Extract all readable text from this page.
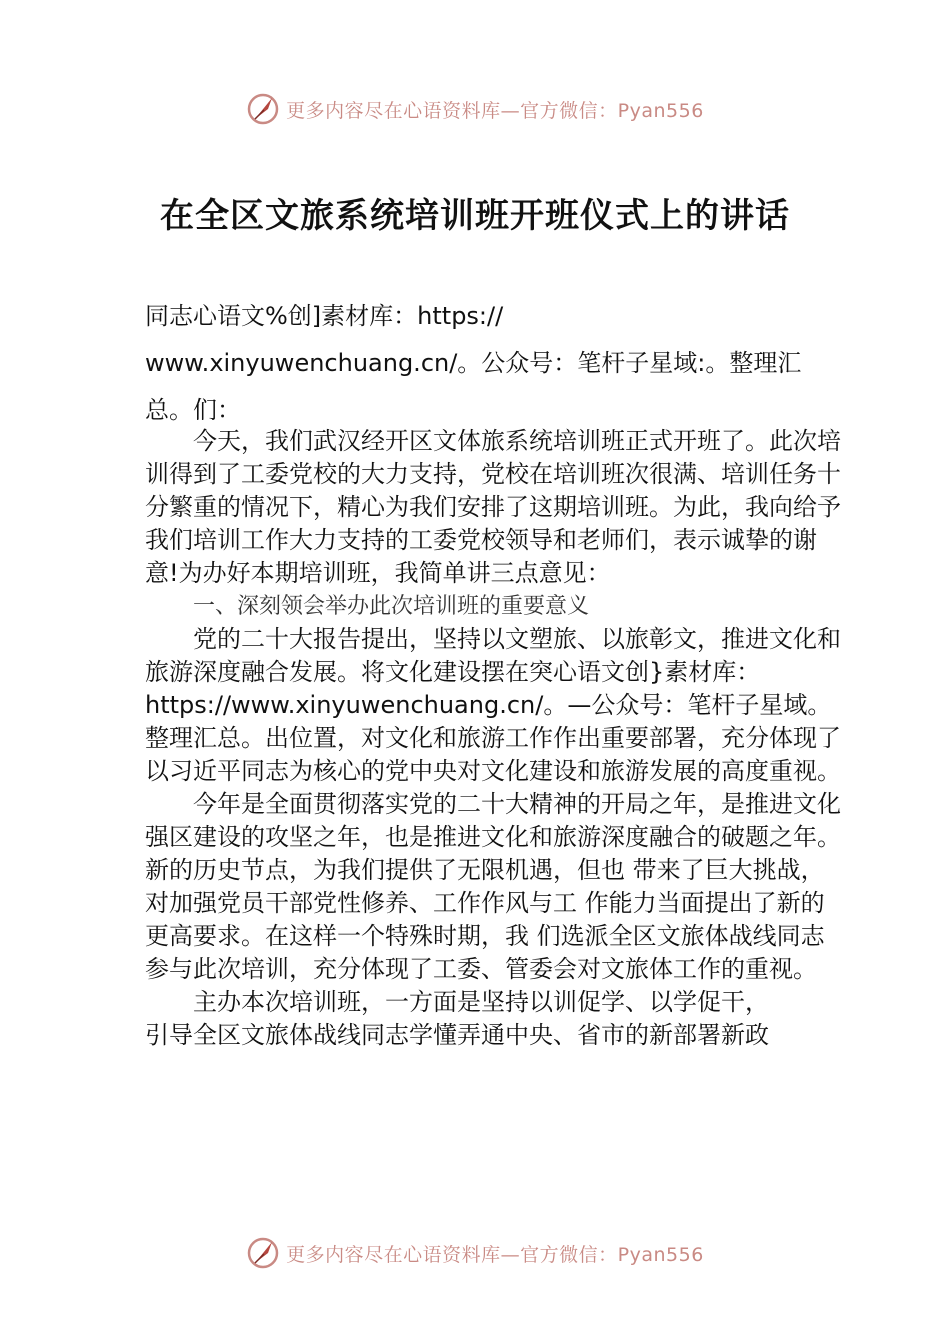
更多内容尽在心语资料库—官方微信：Pyan556
在全区文旅系统培训班开班仪式上的讲话

同志心语文%创]素材库：https://

www.xinyuwenchuang.cn/。公众号：笔杆子星域:。整理汇

总。们：

今天，我们武汉经开区文体旅系统培训班正式开班了。此次培训得到了工委党校的大力支持，党校在培训班次很满、培训任务十分繁重的情况下，精心为我们安排了这期培训班。为此，我向给予我们培训工作大力支持的工委党校领导和老师们，表示诚挚的谢意!为办好本期培训班，我简单讲三点意见：

一、深刻领会举办此次培训班的重要意义

党的二十大报告提出，坚持以文塑旅、以旅彰文，推进文化和旅游深度融合发展。将文化建设摆在突心语文创}素材库：https://www.xinyuwenchuang.cn/。—公众号：笔杆子星域。整理汇总。出位置，对文化和旅游工作作出重要部署，充分体现了以习近平同志为核心的党中央对文化建设和旅游发展的高度重视。

今年是全面贯彻落实党的二十大精神的开局之年，是推进文化强区建设的攻坚之年，也是推进文化和旅游深度融合的破题之年。新的历史节点，为我们提供了无限机遇，但也 带来了巨大挑战，对加强党员干部党性修养、工作作风与工 作能力当面提出了新的更高要求。在这样一个特殊时期，我 们选派全区文旅体战线同志参与此次培训，充分体现了工委、管委会对文旅体工作的重视。

主办本次培训班，一方面是坚持以训促学、以学促干，

引导全区文旅体战线同志学懂弄通中央、省市的新部署新政

更多内容尽在心语资料库—官方微信：Pyan556
